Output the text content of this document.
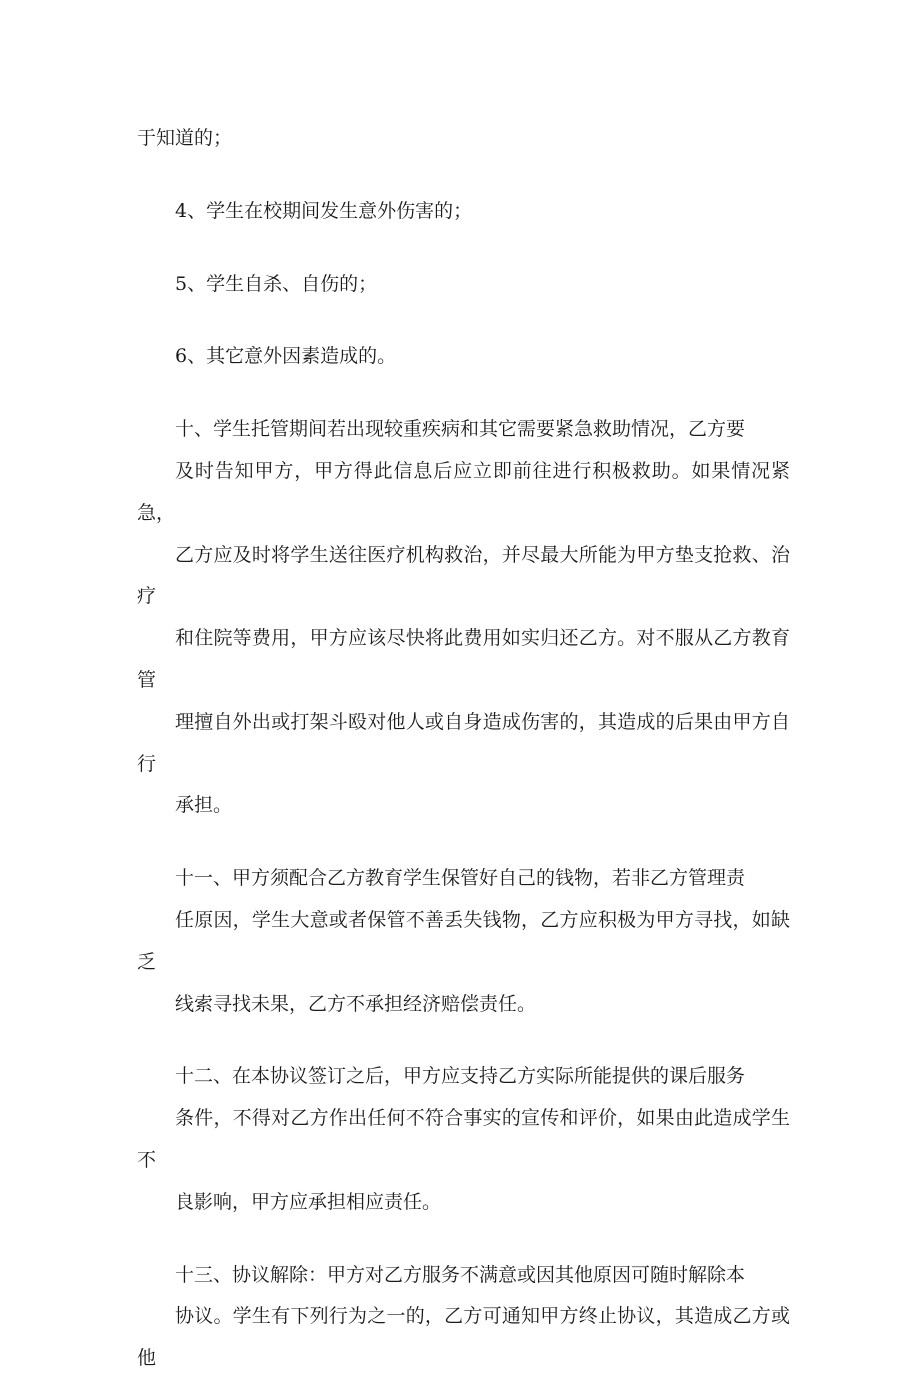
于知道的；

4、学生在校期间发生意外伤害的；

5、学生自杀、自伤的；

6、其它意外因素造成的。

十、学生托管期间若出现较重疾病和其它需要紧急救助情况，乙方要
及时告知甲方，甲方得此信息后应立即前往进行积极救助。如果情况紧急，
乙方应及时将学生送往医疗机构救治，并尽最大所能为甲方垫支抢救、治疗
和住院等费用，甲方应该尽快将此费用如实归还乙方。对不服从乙方教育管
理擅自外出或打架斗殴对他人或自身造成伤害的，其造成的后果由甲方自行
承担。

十一、甲方须配合乙方教育学生保管好自己的钱物，若非乙方管理责
任原因，学生大意或者保管不善丢失钱物，乙方应积极为甲方寻找，如缺乏
线索寻找未果，乙方不承担经济赔偿责任。

十二、在本协议签订之后，甲方应支持乙方实际所能提供的课后服务
条件，不得对乙方作出任何不符合事实的宣传和评价，如果由此造成学生不
良影响，甲方应承担相应责任。

十三、协议解除：甲方对乙方服务不满意或因其他原因可随时解除本
协议。学生有下列行为之一的，乙方可通知甲方终止协议，其造成乙方或他
